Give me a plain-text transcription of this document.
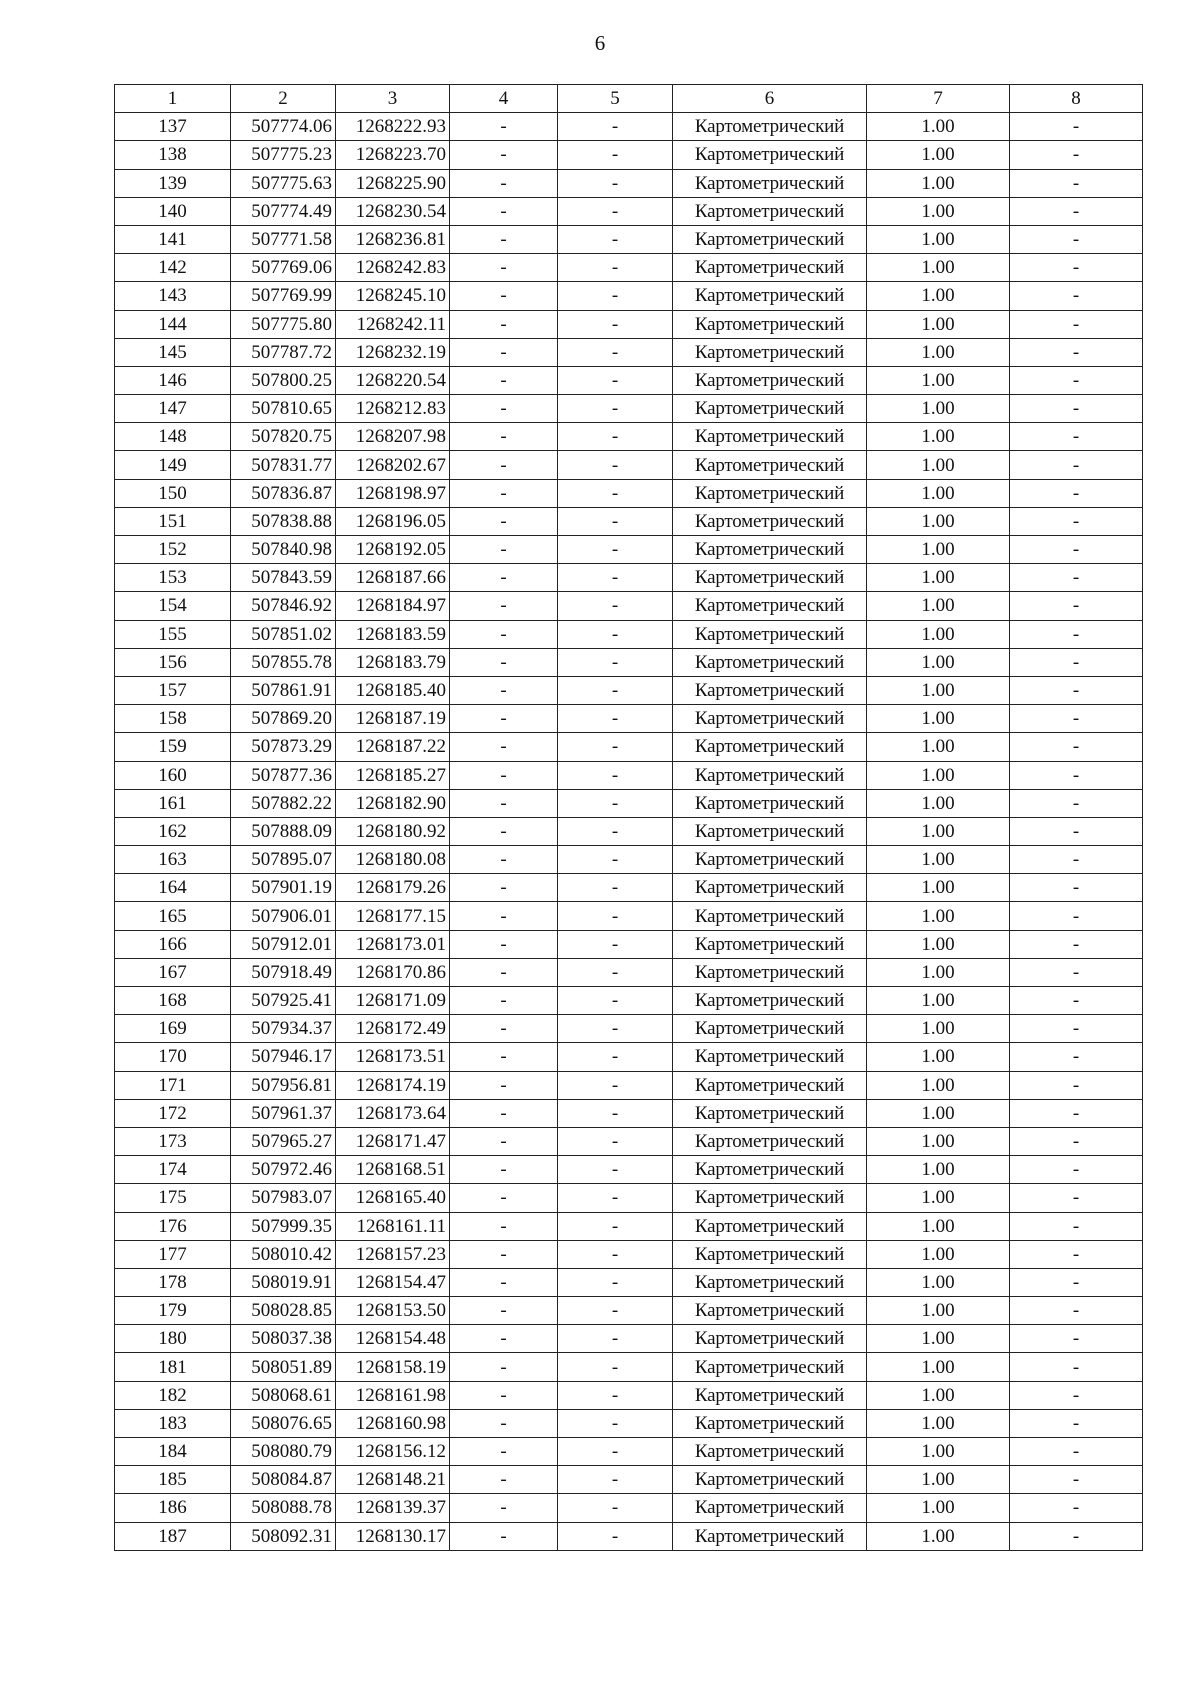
6
1	2	3	4	5	6	7	8
137	507774.06	1268222.93	-	-	Картометрический	1.00	-
138	507775.23	1268223.70	-	-	Картометрический	1.00	-
139	507775.63	1268225.90	-	-	Картометрический	1.00	-
140	507774.49	1268230.54	-	-	Картометрический	1.00	-
141	507771.58	1268236.81	-	-	Картометрический	1.00	-
142	507769.06	1268242.83	-	-	Картометрический	1.00	-
143	507769.99	1268245.10	-	-	Картометрический	1.00	-
144	507775.80	1268242.11	-	-	Картометрический	1.00	-
145	507787.72	1268232.19	-	-	Картометрический	1.00	-
146	507800.25	1268220.54	-	-	Картометрический	1.00	-
147	507810.65	1268212.83	-	-	Картометрический	1.00	-
148	507820.75	1268207.98	-	-	Картометрический	1.00	-
149	507831.77	1268202.67	-	-	Картометрический	1.00	-
150	507836.87	1268198.97	-	-	Картометрический	1.00	-
151	507838.88	1268196.05	-	-	Картометрический	1.00	-
152	507840.98	1268192.05	-	-	Картометрический	1.00	-
153	507843.59	1268187.66	-	-	Картометрический	1.00	-
154	507846.92	1268184.97	-	-	Картометрический	1.00	-
155	507851.02	1268183.59	-	-	Картометрический	1.00	-
156	507855.78	1268183.79	-	-	Картометрический	1.00	-
157	507861.91	1268185.40	-	-	Картометрический	1.00	-
158	507869.20	1268187.19	-	-	Картометрический	1.00	-
159	507873.29	1268187.22	-	-	Картометрический	1.00	-
160	507877.36	1268185.27	-	-	Картометрический	1.00	-
161	507882.22	1268182.90	-	-	Картометрический	1.00	-
162	507888.09	1268180.92	-	-	Картометрический	1.00	-
163	507895.07	1268180.08	-	-	Картометрический	1.00	-
164	507901.19	1268179.26	-	-	Картометрический	1.00	-
165	507906.01	1268177.15	-	-	Картометрический	1.00	-
166	507912.01	1268173.01	-	-	Картометрический	1.00	-
167	507918.49	1268170.86	-	-	Картометрический	1.00	-
168	507925.41	1268171.09	-	-	Картометрический	1.00	-
169	507934.37	1268172.49	-	-	Картометрический	1.00	-
170	507946.17	1268173.51	-	-	Картометрический	1.00	-
171	507956.81	1268174.19	-	-	Картометрический	1.00	-
172	507961.37	1268173.64	-	-	Картометрический	1.00	-
173	507965.27	1268171.47	-	-	Картометрический	1.00	-
174	507972.46	1268168.51	-	-	Картометрический	1.00	-
175	507983.07	1268165.40	-	-	Картометрический	1.00	-
176	507999.35	1268161.11	-	-	Картометрический	1.00	-
177	508010.42	1268157.23	-	-	Картометрический	1.00	-
178	508019.91	1268154.47	-	-	Картометрический	1.00	-
179	508028.85	1268153.50	-	-	Картометрический	1.00	-
180	508037.38	1268154.48	-	-	Картометрический	1.00	-
181	508051.89	1268158.19	-	-	Картометрический	1.00	-
182	508068.61	1268161.98	-	-	Картометрический	1.00	-
183	508076.65	1268160.98	-	-	Картометрический	1.00	-
184	508080.79	1268156.12	-	-	Картометрический	1.00	-
185	508084.87	1268148.21	-	-	Картометрический	1.00	-
186	508088.78	1268139.37	-	-	Картометрический	1.00	-
187	508092.31	1268130.17	-	-	Картометрический	1.00	-
